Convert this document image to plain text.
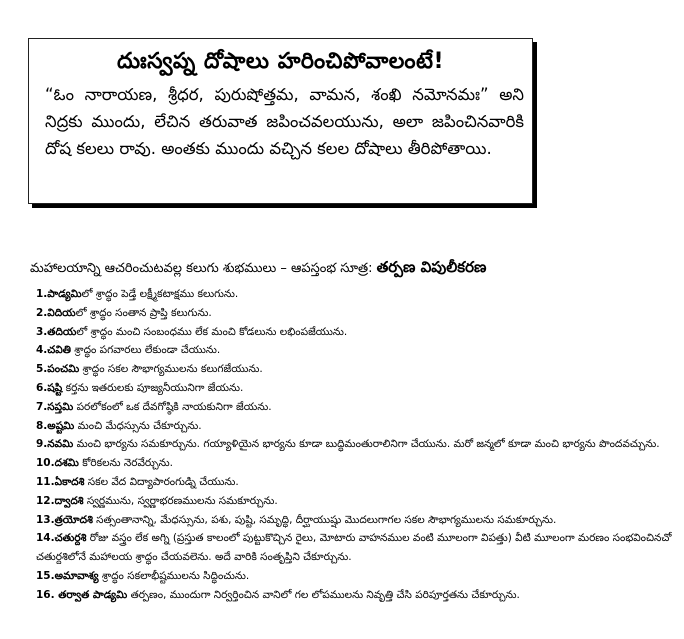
దుఃస్వప్న దోషాలు హరించిపోవాలంటే!
“ఓం నారాయణ, శ్రీధర, పురుషోత్తమ, వామన, శంఖి నమోనమః” అని నిద్రకు ముందు, లేచిన తరువాత జపించవలయును, అలా జపించినవారికి దోష కలలు రావు. అంతకు ముందు వచ్చిన కలల దోషాలు తీరిపోతాయి.
మహాలయాన్ని ఆచరించుటవల్ల కలుగు శుభములు – ఆపస్తంభ సూత్ర: తర్పణ విపులీకరణ
1.పాడ్యమిలో శ్రాద్ధం పెడ్తే లక్ష్మీకటాక్షము కలుగును.
2.విదియలో శ్రాద్ధం సంతాన ప్రాప్తి కలుగును.
3.తదియలో శ్రాద్ధం మంచి సంబంధము లేక మంచి కోడలును లభింపజేయును.
4.చవితి శ్రాద్ధం పగవారలు లేకుండా చేయును.
5.పంచమి శ్రాద్ధం సకల సౌభాగ్యములను కలుగజేయును.
6.షష్టి కర్తను ఇతరులకు పూజ్యనీయునిగా జేయను.
7.సప్తమి పరలోకంలో ఒక దేవగోష్ఠికి నాయకునిగా జేయను.
8.అష్టమి మంచి మేధస్సును చేకూర్చును.
9.నవమి మంచి భార్యను సమకూర్చును. గయ్యాళియైన భార్యను కూడా బుద్ధిమంతురాలినిగా చేయును. మరో జన్మలో కూడా మంచి భార్యను పొందవచ్చును.
10.దశమి కోరికలను నెరవేర్చును.
11.ఏకాదశి సకల వేద విద్యాపారంగుడ్ని చేయును.
12.ద్వాదశి స్వర్ణమును, స్వర్ణాభరణములను సమకూర్చును.
13.త్రయోదశి సత్సంతానాన్ని, మేధస్సును, పశు, పుష్టి, సమృద్ధి, దీర్ఘాయుష్షు మొదలుగాగల సకల సౌభాగ్యములను సమకూర్చును.
14.చతుర్దశి రోజు వస్త్రం లేక అగ్ని (ప్రస్తుత కాలంలో పుట్టుకొచ్చిన రైలు, మోటారు వాహనముల వంటి మూలంగా విపత్తు) వీటి మూలంగా మరణం సంభవించినచో చతుర్దశిలోనే మహాలయ శ్రాద్ధం చేయవలెను. అదే వారికి సంతృప్తిని చేకూర్చును.
15.అమావాశ్య శ్రాద్ధం సకలాభీష్టములను సిద్ధించును.
16. తర్వాత పాడ్యమి తర్పణం, ముందుగా నిర్వర్తించిన వానిలో గల లోపములను నివృత్తి చేసి పరిపూర్తతను చేకూర్చును.
